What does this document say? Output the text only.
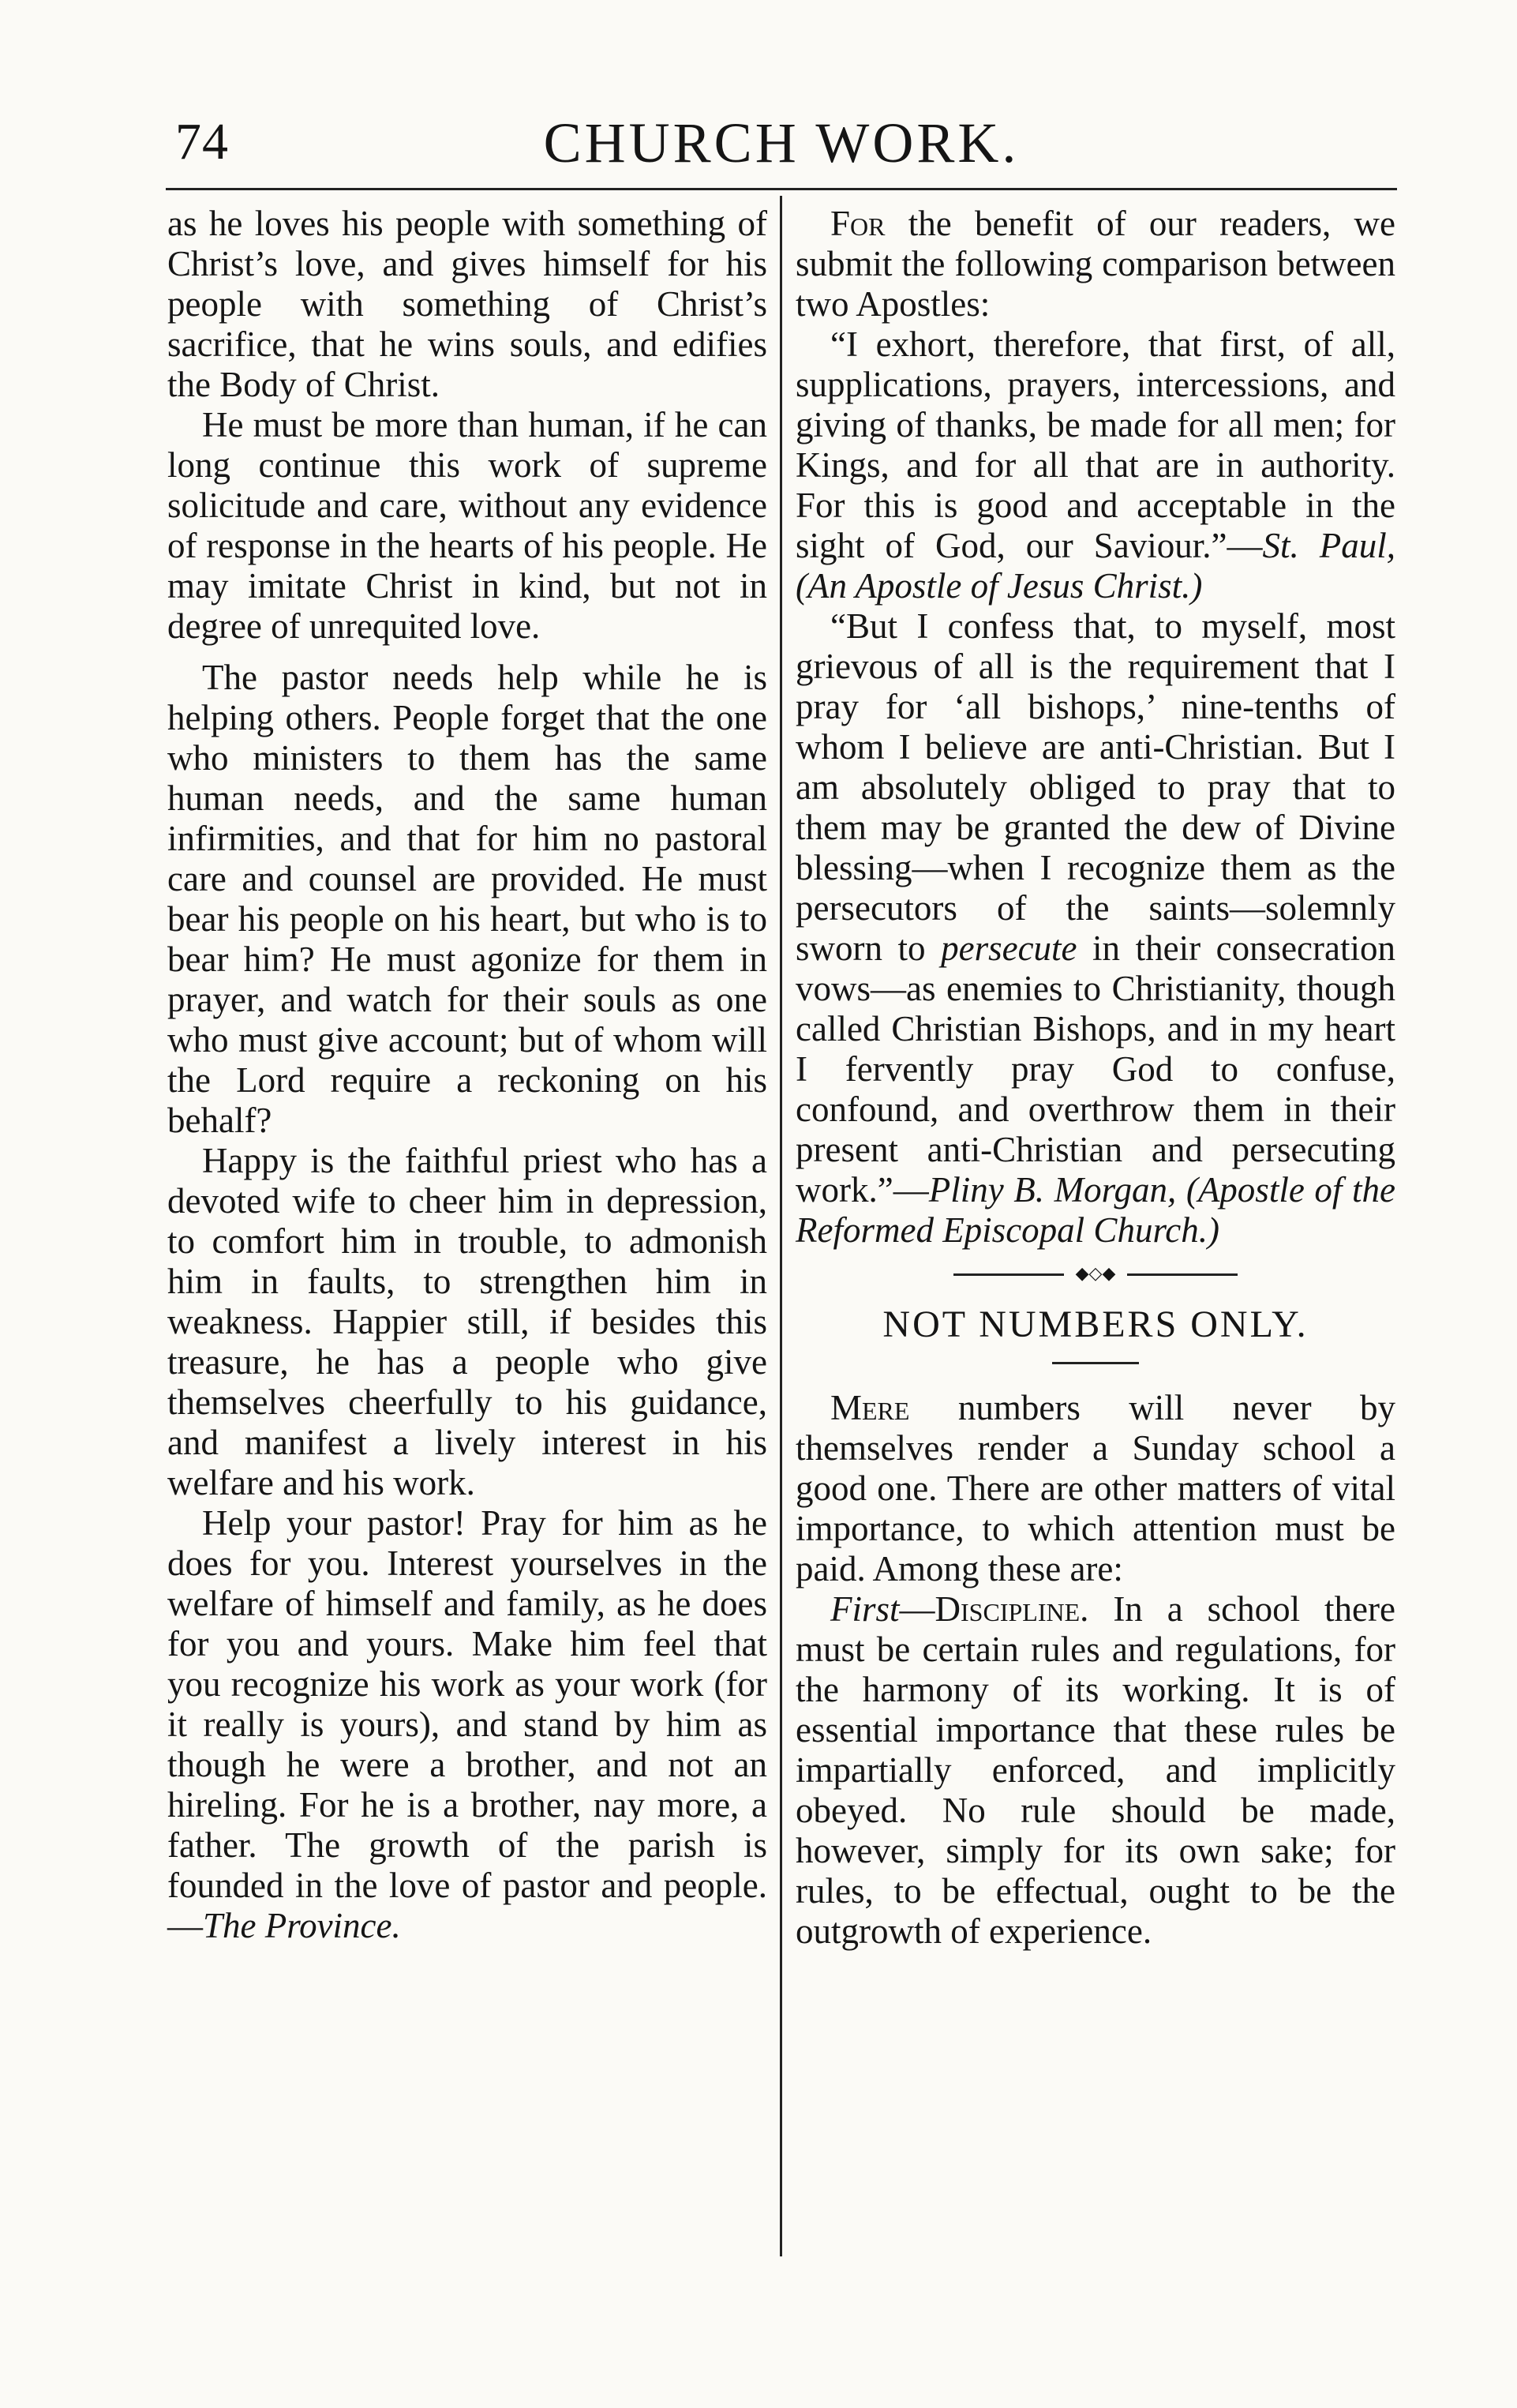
74	CHURCH WORK.

as he loves his people with something of Christ’s love, and gives himself for his people with something of Christ’s sacrifice, that he wins souls, and edifies the Body of Christ.

He must be more than human, if he can long continue this work of supreme solicitude and care, without any evidence of response in the hearts of his people. He may imitate Christ in kind, but not in degree of unrequited love.

The pastor needs help while he is helping others. People forget that the one who ministers to them has the same human needs, and the same human infirmities, and that for him no pastoral care and counsel are provided. He must bear his people on his heart, but who is to bear him? He must agonize for them in prayer, and watch for their souls as one who must give account; but of whom will the Lord require a reckoning on his behalf?

Happy is the faithful priest who has a devoted wife to cheer him in depression, to comfort him in trouble, to admonish him in faults, to strengthen him in weakness. Happier still, if besides this treasure, he has a people who give themselves cheerfully to his guidance, and manifest a lively interest in his welfare and his work.

Help your pastor! Pray for him as he does for you. Interest yourselves in the welfare of himself and family, as he does for you and yours. Make him feel that you recognize his work as your work (for it really is yours), and stand by him as though he were a brother, and not an hireling. For he is a brother, nay more, a father. The growth of the parish is founded in the love of pastor and people.—The Province.

For the benefit of our readers, we submit the following comparison between two Apostles:

“I exhort, therefore, that first, of all, supplications, prayers, intercessions, and giving of thanks, be made for all men; for Kings, and for all that are in authority. For this is good and acceptable in the sight of God, our Saviour.”—St. Paul, (An Apostle of Jesus Christ.)

“But I confess that, to myself, most grievous of all is the requirement that I pray for ‘all bishops,’ nine-tenths of whom I believe are anti-Christian. But I am absolutely obliged to pray that to them may be granted the dew of Divine blessing—when I recognize them as the persecutors of the saints—solemnly sworn to persecute in their consecration vows—as enemies to Christianity, though called Christian Bishops, and in my heart I fervently pray God to confuse, confound, and overthrow them in their present anti-Christian and persecuting work.”—Pliny B. Morgan, (Apostle of the Reformed Episcopal Church.)

◆◇◆
NOT NUMBERS ONLY.

Mere numbers will never by themselves render a Sunday school a good one. There are other matters of vital importance, to which attention must be paid. Among these are:

First—Discipline. In a school there must be certain rules and regulations, for the harmony of its working. It is of essential importance that these rules be impartially enforced, and implicitly obeyed. No rule should be made, however, simply for its own sake; for rules, to be effectual, ought to be the outgrowth of experience.
